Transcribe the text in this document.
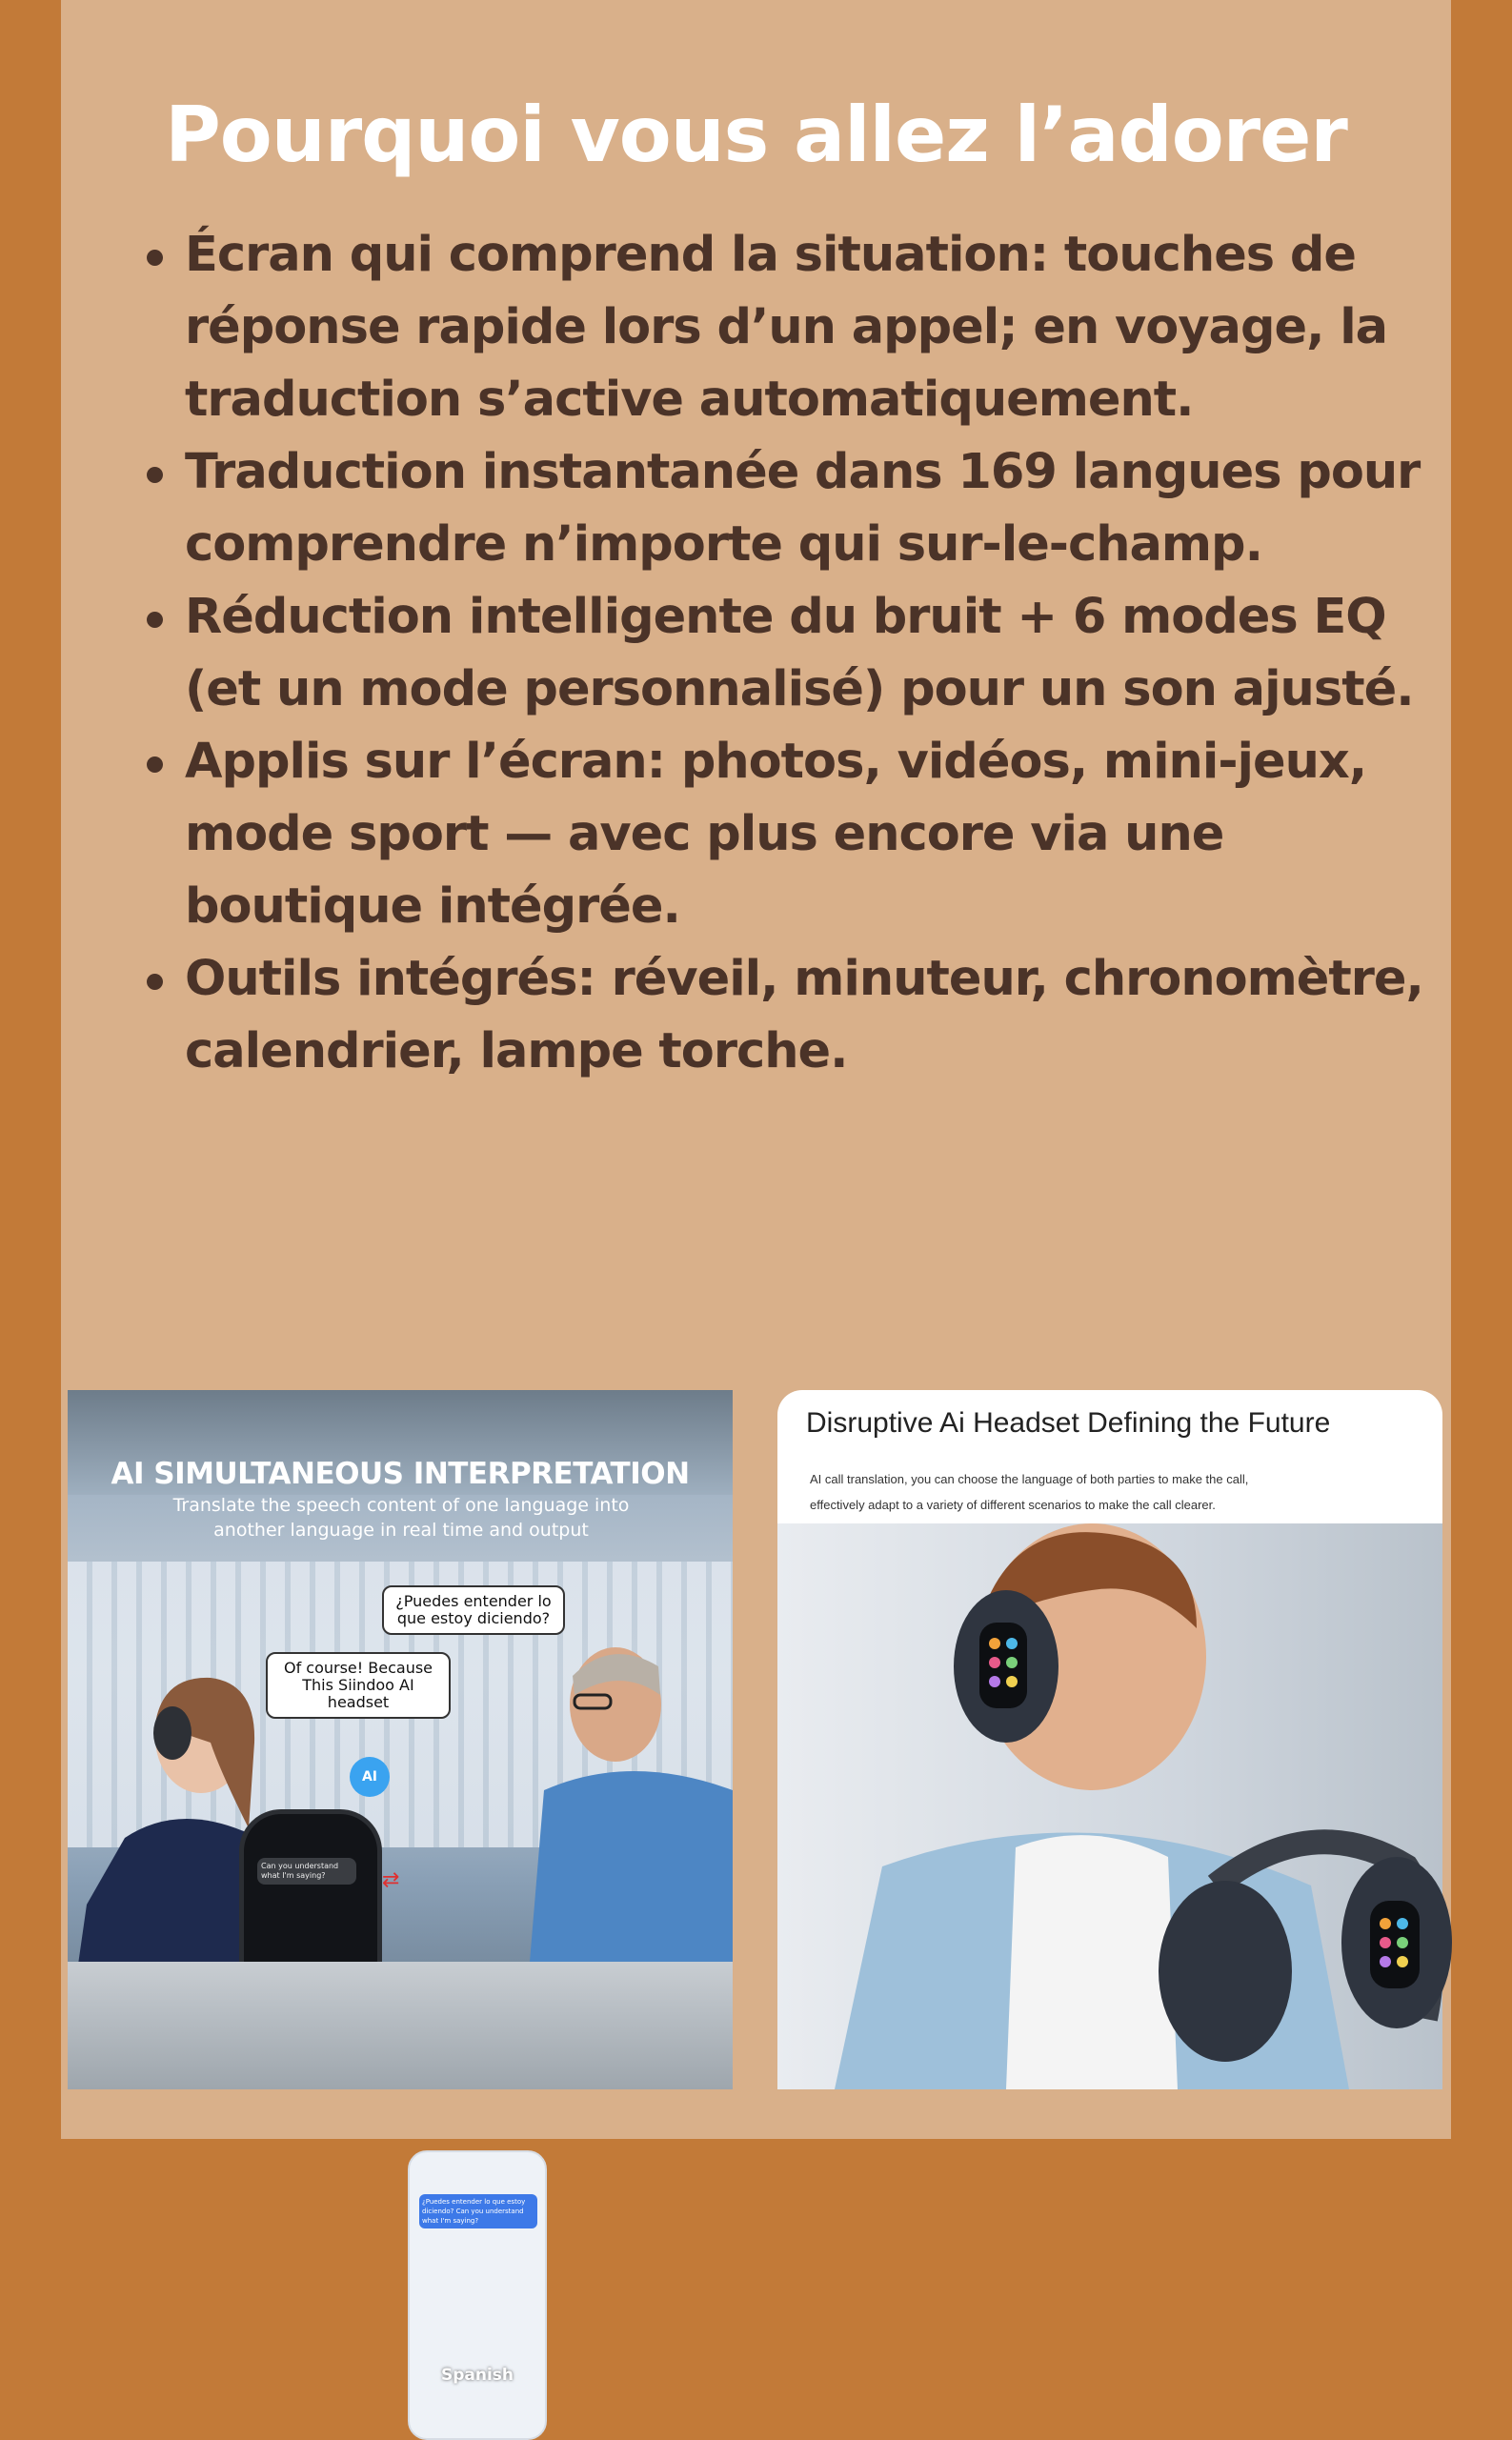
Pourquoi vous allez l’adorer
Écran qui comprend la situation: touches de réponse rapide lors d’un appel; en voyage, la traduction s’active automatiquement.
Traduction instantanée dans 169 langues pour comprendre n’importe qui sur-le-champ.
Réduction intelligente du bruit + 6 modes EQ (et un mode personnalisé) pour un son ajusté.
Applis sur l’écran: photos, vidéos, mini-jeux, mode sport — avec plus encore via une boutique intégrée.
Outils intégrés: réveil, minuteur, chronomètre, calendrier, lampe torche.
AI SIMULTANEOUS INTERPRETATION
Translate the speech content of one language into another language in real time and output
¿Puedes entender lo que estoy diciendo?
Of course! Because This Siindoo AI headset
AI
Can you understand what I'm saying?	⇄
¿Puedes entender lo que estoy diciendo? Can you understand what I'm saying?
Spanish
Disruptive Ai Headset Defining the Future
AI call translation, you can choose the language of both parties to make the call, effectively adapt to a variety of different scenarios to make the call clearer.
